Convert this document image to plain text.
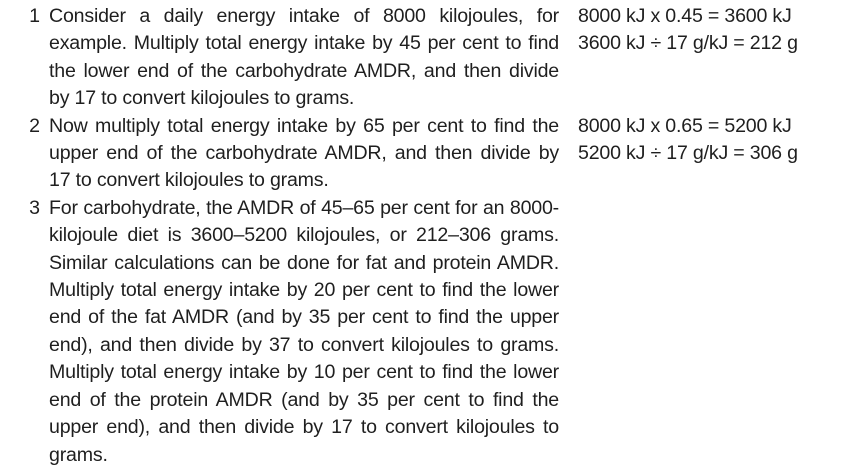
1 Consider a daily energy intake of 8000 kilojoules, for example. Multiply total energy intake by 45 per cent to find the lower end of the carbohydrate AMDR, and then divide by 17 to convert kilojoules to grams.
8000 kJ x 0.45 = 3600 kJ
3600 kJ ÷ 17 g/kJ = 212 g
2 Now multiply total energy intake by 65 per cent to find the upper end of the carbohydrate AMDR, and then divide by 17 to convert kilojoules to grams.
8000 kJ x 0.65 = 5200 kJ
5200 kJ ÷ 17 g/kJ = 306 g
3 For carbohydrate, the AMDR of 45–65 per cent for an 8000-kilojoule diet is 3600–5200 kilojoules, or 212–306 grams. Similar calculations can be done for fat and protein AMDR. Multiply total energy intake by 20 per cent to find the lower end of the fat AMDR (and by 35 per cent to find the upper end), and then divide by 37 to convert kilojoules to grams. Multiply total energy intake by 10 per cent to find the lower end of the protein AMDR (and by 35 per cent to find the upper end), and then divide by 17 to convert kilojoules to grams.
